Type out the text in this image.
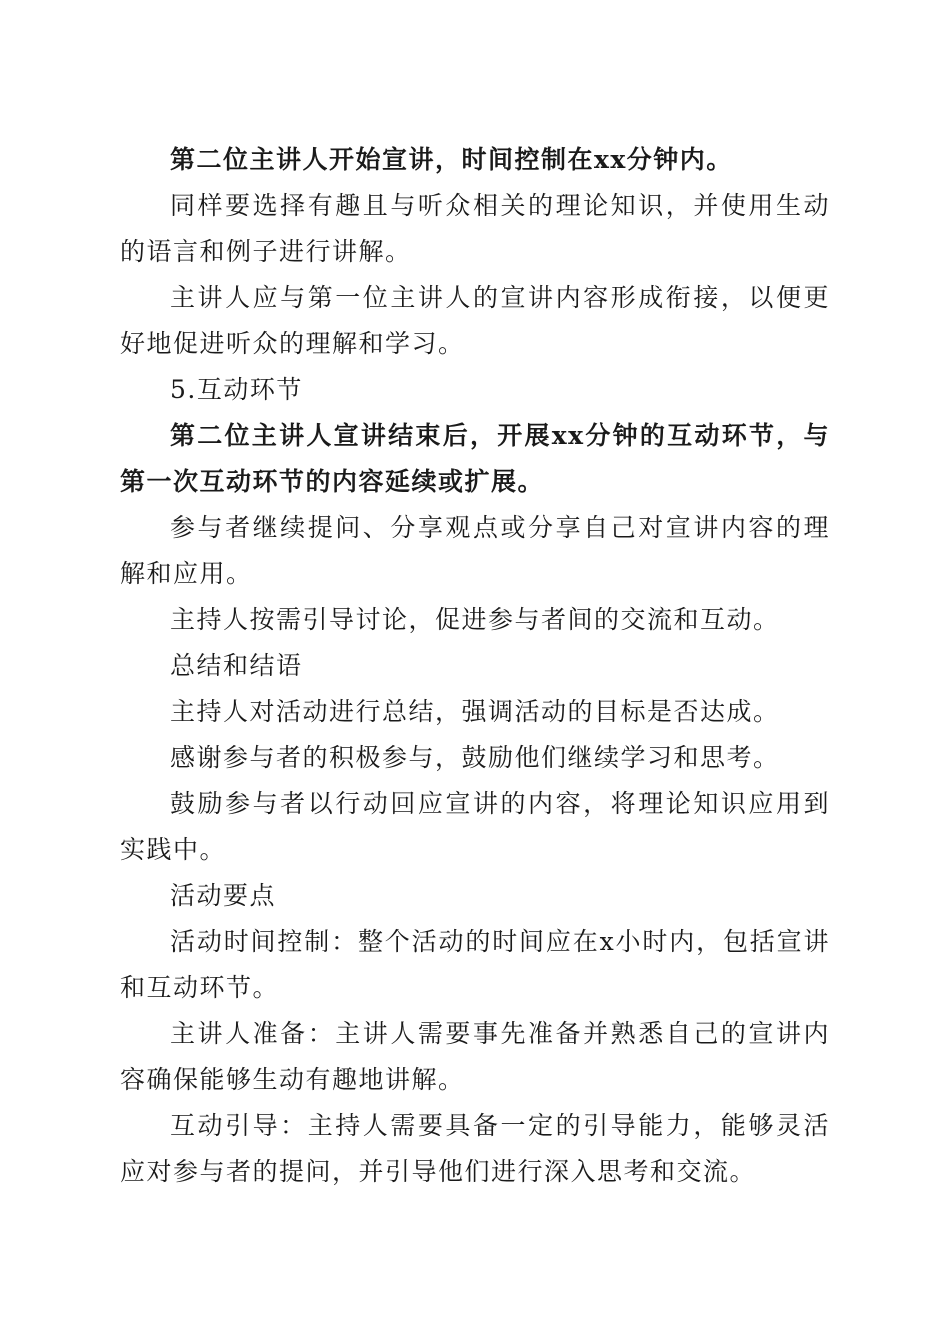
第二位主讲人开始宣讲，时间控制在xx分钟内。

同样要选择有趣且与听众相关的理论知识，并使用生动的语言和例子进行讲解。

主讲人应与第一位主讲人的宣讲内容形成衔接，以便更好地促进听众的理解和学习。

5.互动环节

第二位主讲人宣讲结束后，开展xx分钟的互动环节，与第一次互动环节的内容延续或扩展。

参与者继续提问、分享观点或分享自己对宣讲内容的理解和应用。

主持人按需引导讨论，促进参与者间的交流和互动。

总结和结语

主持人对活动进行总结，强调活动的目标是否达成。

感谢参与者的积极参与，鼓励他们继续学习和思考。

鼓励参与者以行动回应宣讲的内容，将理论知识应用到实践中。

活动要点

活动时间控制：整个活动的时间应在x小时内，包括宣讲和互动环节。

主讲人准备：主讲人需要事先准备并熟悉自己的宣讲内容确保能够生动有趣地讲解。

互动引导：主持人需要具备一定的引导能力，能够灵活应对参与者的提问，并引导他们进行深入思考和交流。
